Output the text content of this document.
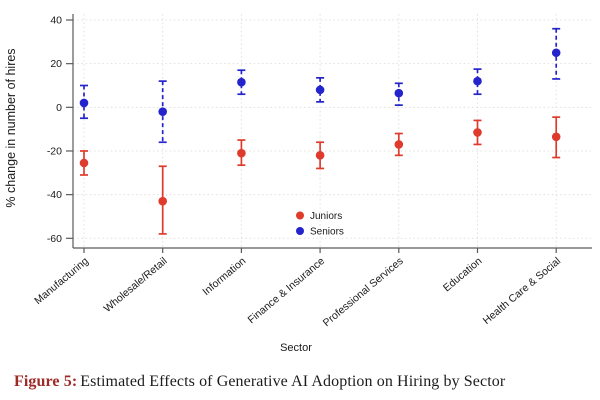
40
20
0
-20
-40
-60
Manufacturing Wholesale/Retail	Information
Finance & Insurance
Professional Services	Education
Health Care & Social
Juniors
Seniors
% change in number of hires
Sector
Figure 5: Estimated Effects of Generative AI Adoption on Hiring by Sector
